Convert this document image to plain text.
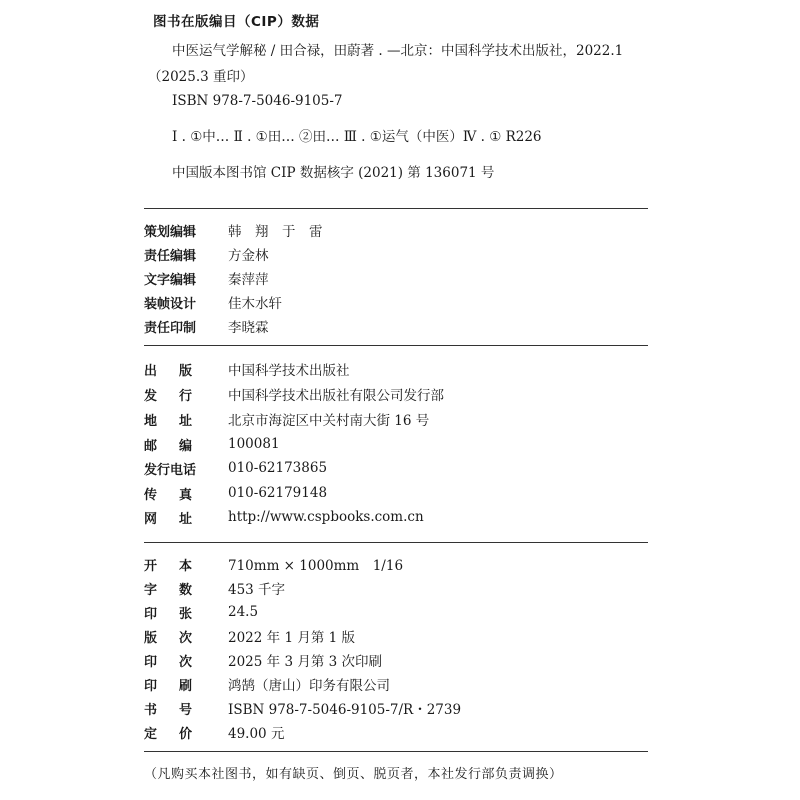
图书在版编目（CIP）数据
中医运气学解秘 / 田合禄，田蔚著 . —北京：中国科学技术出版社，2022.1
（2025.3 重印）
ISBN 978-7-5046-9105-7
Ⅰ . ①中… Ⅱ . ①田… ②田… Ⅲ . ①运气（中医）Ⅳ . ① R226
中国版本图书馆 CIP 数据核字 (2021) 第 136071 号
策划编辑	韩　翔　于　雷
责任编辑	方金林
文字编辑	秦萍萍
装帧设计	佳木水轩
责任印制	李晓霖
出 版	中国科学技术出版社
发 行	中国科学技术出版社有限公司发行部
地 址	北京市海淀区中关村南大街 16 号
邮 编	100081
发行电话	010-62173865
传 真	010-62179148
网 址	http://www.cspbooks.com.cn
开 本	710mm × 1000mm　1/16
字 数	453 千字
印 张	24.5
版 次	2022 年 1 月第 1 版
印 次	2025 年 3 月第 3 次印刷
印 刷	鸿鹄（唐山）印务有限公司
书 号	ISBN 978-7-5046-9105-7/R・2739
定 价	49.00 元
（凡购买本社图书，如有缺页、倒页、脱页者，本社发行部负责调换）
